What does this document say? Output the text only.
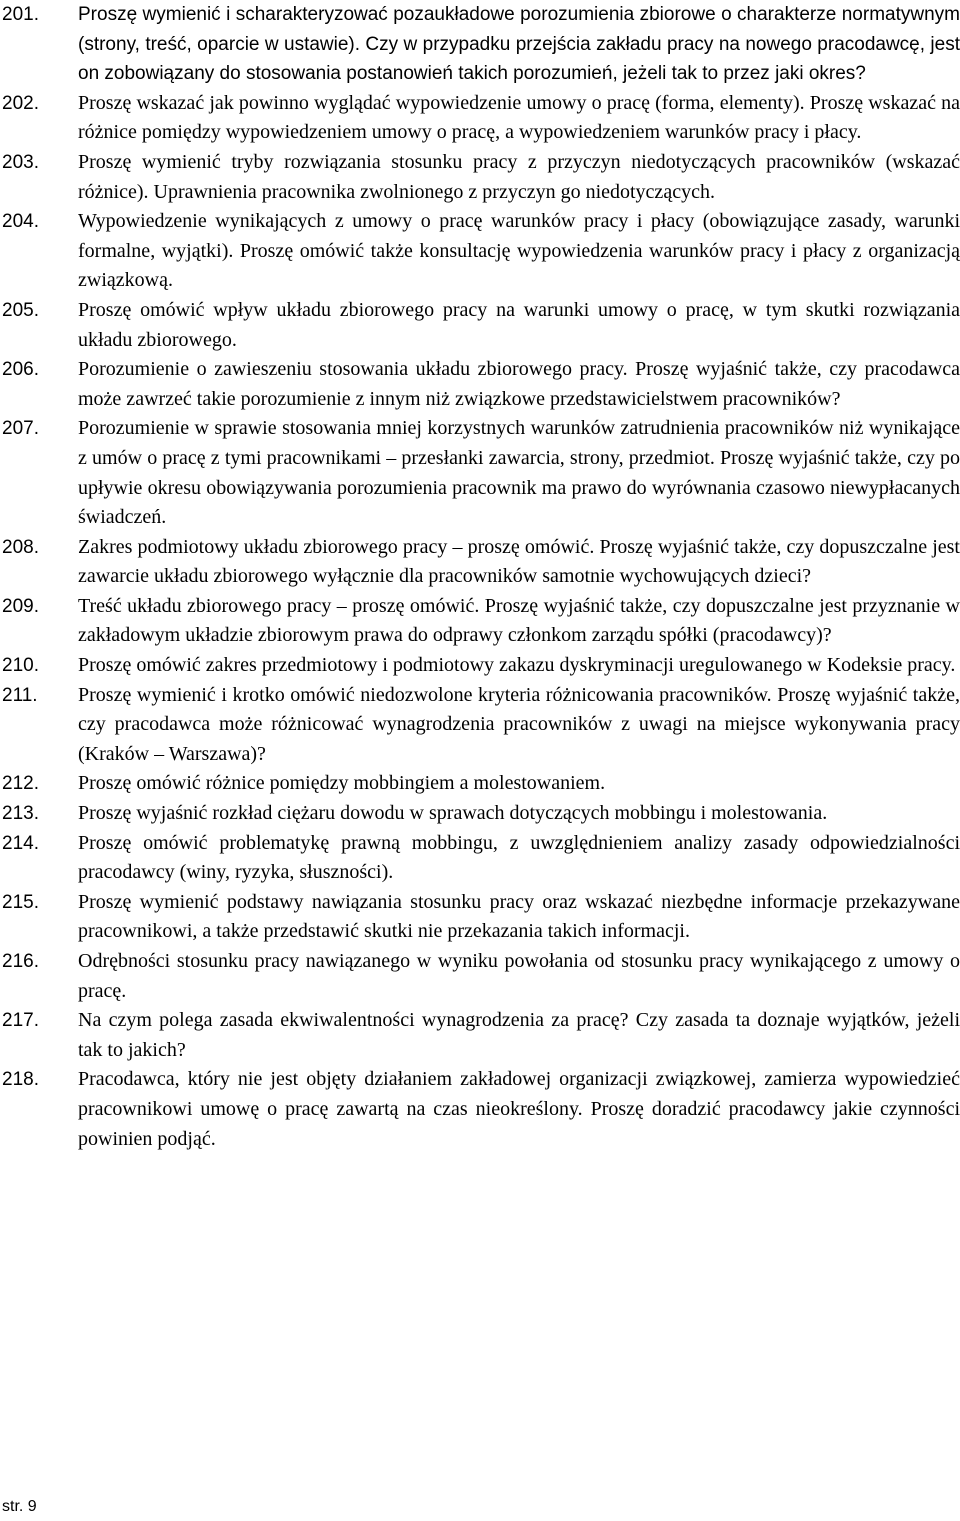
201.	Proszę wymienić i scharakteryzować pozaukładowe porozumienia zbiorowe o charakterze normatywnym (strony, treść, oparcie w ustawie). Czy w przypadku przejścia zakładu pracy na nowego pracodawcę, jest on zobowiązany do stosowania postanowień takich porozumień, jeżeli tak to przez jaki okres?
202.	Proszę wskazać jak powinno wyglądać wypowiedzenie umowy o pracę (forma, elementy). Proszę wskazać na różnice pomiędzy wypowiedzeniem umowy o pracę, a wypowiedzeniem warunków pracy i płacy.
203.	Proszę wymienić tryby rozwiązania stosunku pracy z przyczyn niedotyczących pracowników (wskazać różnice). Uprawnienia pracownika zwolnionego z przyczyn go niedotyczących.
204.	Wypowiedzenie wynikających z umowy o pracę warunków pracy i płacy (obowiązujące zasady, warunki formalne, wyjątki). Proszę omówić także konsultację wypowiedzenia warunków pracy i płacy z organizacją związkową.
205.	Proszę omówić wpływ układu zbiorowego pracy na warunki umowy o pracę, w tym skutki rozwiązania układu zbiorowego.
206.	Porozumienie o zawieszeniu stosowania układu zbiorowego pracy. Proszę wyjaśnić także, czy pracodawca może zawrzeć takie porozumienie z innym niż związkowe przedstawicielstwem pracowników?
207.	Porozumienie w sprawie stosowania mniej korzystnych warunków zatrudnienia pracowników niż wynikające z umów o pracę z tymi pracownikami – przesłanki zawarcia, strony, przedmiot. Proszę wyjaśnić także, czy po upływie okresu obowiązywania porozumienia pracownik ma prawo do wyrównania czasowo niewypłacanych świadczeń.
208.	Zakres podmiotowy układu zbiorowego pracy – proszę omówić. Proszę wyjaśnić także, czy dopuszczalne jest zawarcie układu zbiorowego wyłącznie dla pracowników samotnie wychowujących dzieci?
209.	Treść układu zbiorowego pracy – proszę omówić. Proszę wyjaśnić także, czy dopuszczalne jest przyznanie w zakładowym układzie zbiorowym prawa do odprawy członkom zarządu spółki (pracodawcy)?
210.	Proszę omówić zakres przedmiotowy i podmiotowy zakazu dyskryminacji uregulowanego w Kodeksie pracy.
211.	Proszę wymienić i krotko omówić niedozwolone kryteria różnicowania pracowników. Proszę wyjaśnić także, czy pracodawca może różnicować wynagrodzenia pracowników z uwagi na miejsce wykonywania pracy (Kraków – Warszawa)?
212.	Proszę omówić różnice pomiędzy mobbingiem a molestowaniem.
213.	Proszę wyjaśnić rozkład ciężaru dowodu w sprawach dotyczących mobbingu i molestowania.
214.	Proszę omówić problematykę prawną mobbingu, z uwzględnieniem analizy zasady odpowiedzialności pracodawcy (winy, ryzyka, słuszności).
215.	Proszę wymienić podstawy nawiązania stosunku pracy oraz wskazać niezbędne informacje przekazywane pracownikowi, a także przedstawić skutki nie przekazania takich informacji.
216.	Odrębności stosunku pracy nawiązanego w wyniku powołania od stosunku pracy wynikającego z umowy o pracę.
217.	Na czym polega zasada ekwiwalentności wynagrodzenia za pracę? Czy zasada ta doznaje wyjątków, jeżeli tak to jakich?
218.	Pracodawca, który nie jest objęty działaniem zakładowej organizacji związkowej, zamierza wypowiedzieć pracownikowi umowę o pracę zawartą na czas nieokreślony. Proszę doradzić pracodawcy jakie czynności powinien podjąć.
str. 9
